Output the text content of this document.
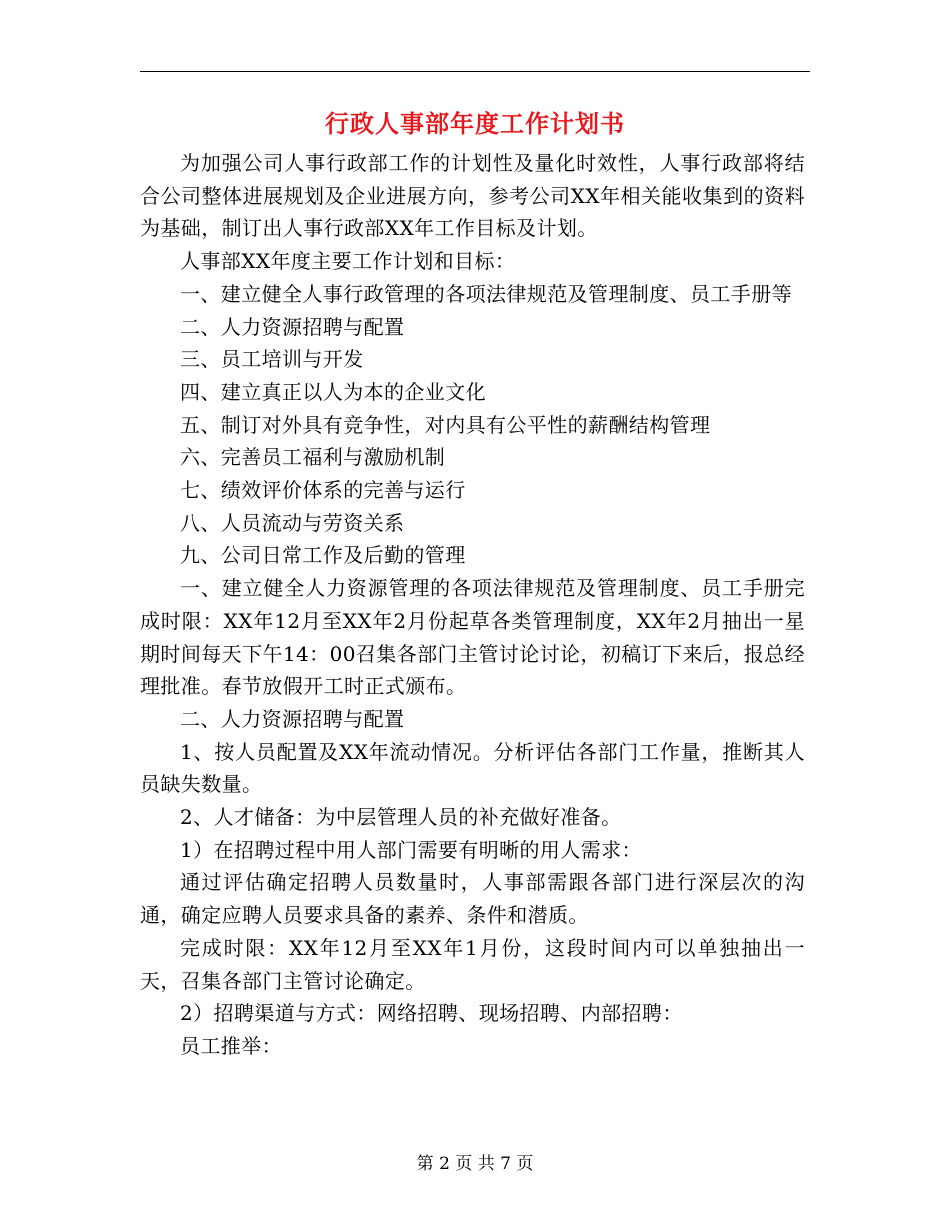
行政人事部年度工作计划书

为加强公司人事行政部工作的计划性及量化时效性，人事行政部将结合公司整体进展规划及企业进展方向，参考公司XX年相关能收集到的资料为基础，制订出人事行政部XX年工作目标及计划。

人事部XX年度主要工作计划和目标：

一、建立健全人事行政管理的各项法律规范及管理制度、员工手册等

二、人力资源招聘与配置

三、员工培训与开发

四、建立真正以人为本的企业文化

五、制订对外具有竞争性，对内具有公平性的薪酬结构管理

六、完善员工福利与激励机制

七、绩效评价体系的完善与运行

八、人员流动与劳资关系

九、公司日常工作及后勤的管理

一、建立健全人力资源管理的各项法律规范及管理制度、员工手册完成时限：XX年12月至XX年2月份起草各类管理制度，XX年2月抽出一星期时间每天下午14：00召集各部门主管讨论讨论，初稿订下来后，报总经理批准。春节放假开工时正式颁布。

二、人力资源招聘与配置

1、按人员配置及XX年流动情况。分析评估各部门工作量，推断其人员缺失数量。

2、人才储备：为中层管理人员的补充做好准备。

1）在招聘过程中用人部门需要有明晰的用人需求：

通过评估确定招聘人员数量时，人事部需跟各部门进行深层次的沟通，确定应聘人员要求具备的素养、条件和潜质。

完成时限：XX年12月至XX年1月份，这段时间内可以单独抽出一天，召集各部门主管讨论确定。

2）招聘渠道与方式：网络招聘、现场招聘、内部招聘：

员工推举：

第 2 页 共 7 页
